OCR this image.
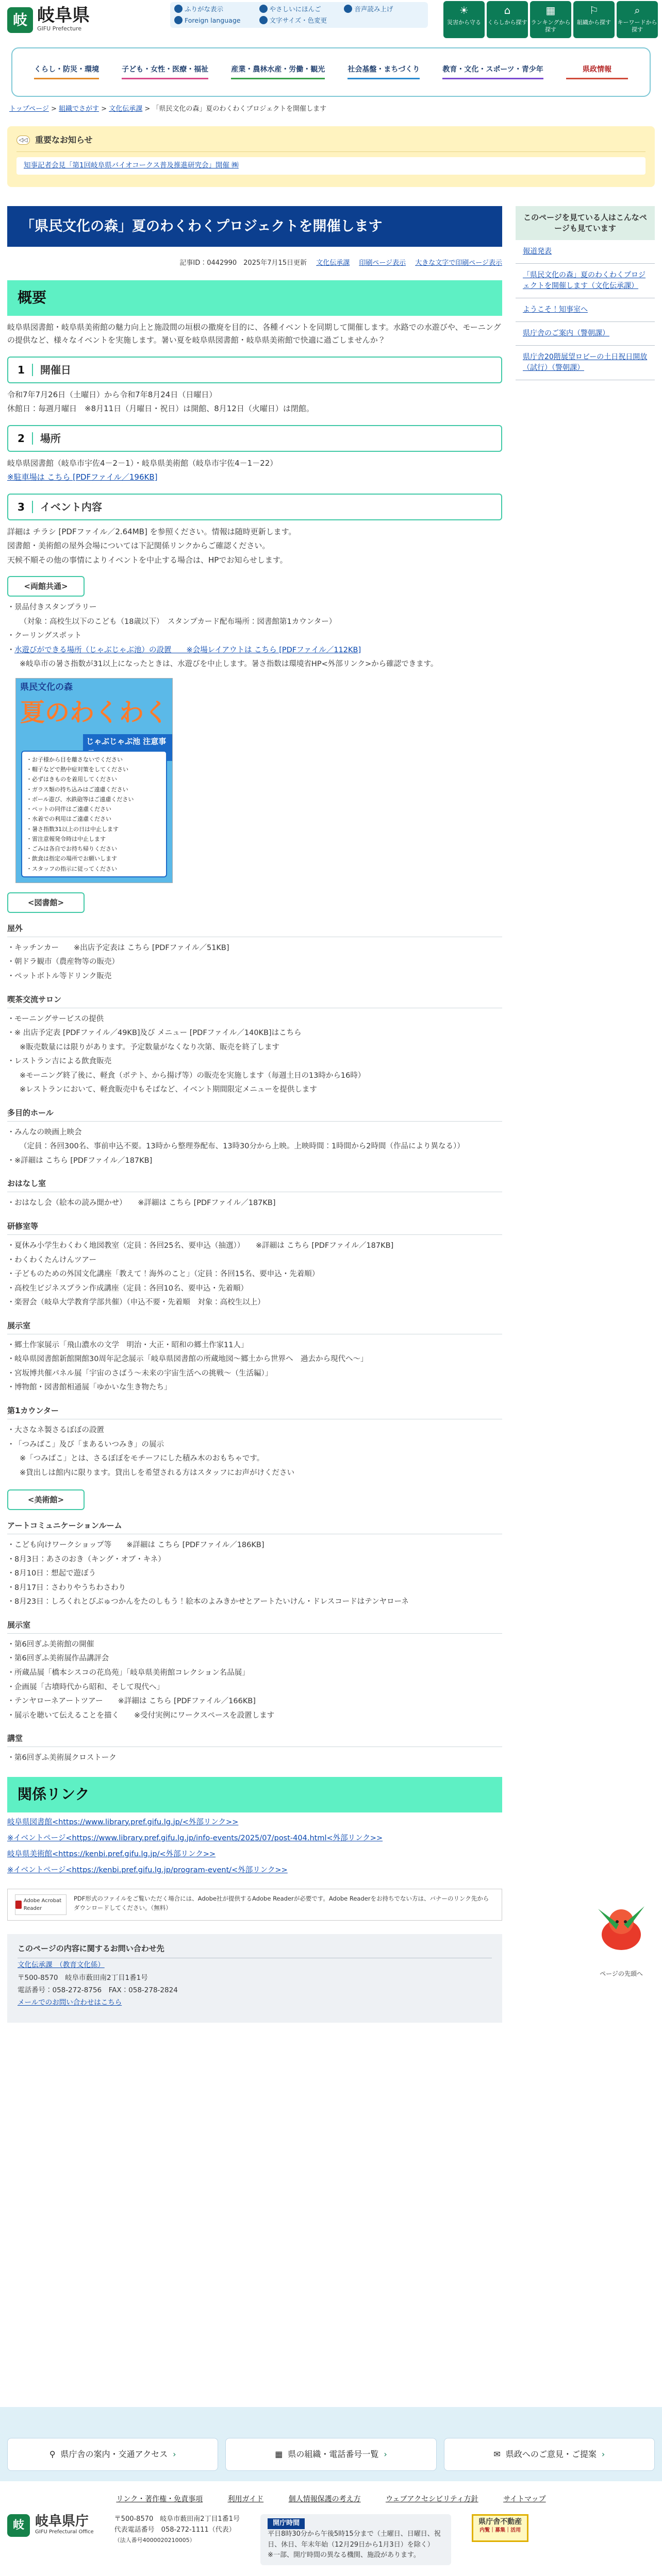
岐 岐阜県
GIFU Prefecture
ふりがな表示	やさしいにほんご	音声読み上げ
Foreign language	文字サイズ・色変更
☀
災害から守る
⌂
くらしから探す
▦
ランキングから探す
⚐
組織から探す
⌕
キーワードから探す
くらし・防災・環境	子ども・女性・医療・福祉	産業・農林水産・労働・観光	社会基盤・まちづくり	教育・文化・スポーツ・青少年	県政情報
トップページ > 組織でさがす > 文化伝承課 > 「県民文化の森」夏のわくわくプロジェクトを開催します
◁◁ 重要なお知らせ
知事記者会見「第1回岐阜県バイオコークス普及推進研究会」開催 ㈱
「県民文化の森」夏のわくわくプロジェクトを開催します
記事ID：0442990　2025年7月15日更新 文化伝承課 印刷ページ表示 大きな文字で印刷ページ表示
概要

岐阜県図書館・岐阜県美術館の魅力向上と施設間の垣根の撤廃を目的に、各種イベントを同期して開催します。水路での水遊びや、モーニングの提供など、様々なイベントを実施します。暑い夏を岐阜県図書館・岐阜県美術館で快適に過ごしませんか？

1 開催日

令和7年7月26日（土曜日）から令和7年8月24日（日曜日）

休館日：毎週月曜日　※8月11日（月曜日・祝日）は開館、8月12日（火曜日）は閉館。

2 場所

岐阜県図書館（岐阜市宇佐4－2－1）・岐阜県美術館（岐阜市宇佐4－1－22）

※駐車場は こちら [PDFファイル／196KB]

3 イベント内容

詳細は チラシ [PDFファイル／2.64MB] を参照ください。情報は随時更新します。

図書館・美術館の屋外会場については下記関係リンクからご確認ください。

天候不順その他の事情によりイベントを中止する場合は、HPでお知らせします。

<両館共通>
・ 景品付きスタンプラリー
（対象：高校生以下のこども（18歳以下）　スタンプカード配布場所：図書館第1カウンター）
・ クーリングスポット
・ 水遊びができる場所（じゃぶじゃぶ池）の設置　　※会場レイアウトは こちら [PDFファイル／112KB]
※岐阜市の暑さ指数が31以上になったときは、水遊びを中止します。暑さ指数は環境省HP<外部リンク>から確認できます。
県民文化の森
夏のわくわく
じゃぶじゃぶ池 注意事
・お子様から目を離さないでください
・帽子などで熱中症対策をしてください
・必ずはきものを着用してください
・ガラス類の持ち込みはご遠慮ください
・ボール遊び、水鉄砲等はご遠慮ください
・ペットの同伴はご遠慮ください
・水着での利用はご遠慮ください
・暑さ指数31以上の日は中止します
・雷注意報発令時は中止します
・ごみは各自でお持ち帰りください
・飲食は指定の場所でお願いします
・スタッフの指示に従ってください
<図書館>
屋外
・ キッチンカー　　※出店予定表は こちら [PDFファイル／51KB]
・ 朝ドラ観市（農産物等の販売）
・ ペットボトル等ドリンク販売
喫茶交流サロン
・ モーニングサービスの提供
・ ※ 出店予定表 [PDFファイル／49KB]及び メニュー [PDFファイル／140KB]はこちら
※販売数量には限りがあります。予定数量がなくなり次第、販売を終了します
・ レストラン吉による飲食販売
※モーニング終了後に、軽食（ポテト、から揚げ等）の販売を実施します（毎週土日の13時から16時）
※レストランにおいて、軽食販売中もそばなど、イベント期間限定メニューを提供します
多目的ホール
・ みんなの映画上映会
（定員：各回300名、事前申込不要。13時から整理券配布、13時30分から上映。上映時間：1時間から2時間（作品により異なる））
・ ※詳細は こちら [PDFファイル／187KB]
おはなし室
・ おはなし会（絵本の読み聞かせ）　　※詳細は こちら [PDFファイル／187KB]
研修室等
・ 夏休み小学生わくわく地図教室（定員：各回25名、要申込（抽選））　　※詳細は こちら [PDFファイル／187KB]
・ わくわくたんけんツアー
・ 子どものための外国文化講座「教えて！海外のこと」（定員：各回15名、要申込・先着順）
・ 高校生ビジネスプラン作成講座（定員：各回10名、要申込・先着順）
・ 楽習会（岐阜大学教育学部共催）（申込不要・先着順　対象：高校生以上）
展示室
・ 郷土作家展示「飛山濃水の文学　明治・大正・昭和の郷土作家11人」
・ 岐阜県図書館新館開館30周年記念展示「岐阜県図書館の所蔵地図～郷土から世界へ　過去から現代へ～」
・ 宮坂博共催パネル展「宇宙のさばう～未来の宇宙生活への挑戦～（生活編）」
・ 博物館・図書館相通展「ゆかいな生き物たち」
第1カウンター
・ 大さなネ製さるぼぼの設置
・ 「つみばこ」及び「まあるいつみき」の展示
※「つみばこ」とは、さるぼぼをモチーフにした積み木のおもちゃです。
※貸出しは館内に限ります。貸出しを希望される方はスタッフにお声がけください
<美術館>
アートコミュニケーションルーム
・ こども向けワークショップ等　　※詳細は こちら [PDFファイル／186KB]
・ 8月3日：あさのおき（キング・オブ・キネ）
・ 8月10日：想起で遊ぼう
・ 8月17日：さわりやうちわさわり
・ 8月23日：しろくれとびぶゅつかんをたのしもう！絵本のよみきかせとアートたいけん・ドレスコードはテンヤローネ
展示室
・ 第6回ぎふ美術館の開催
・ 第6回ぎふ美術展作品講評会
・ 所蔵品展「橋本シスコの花鳥苑」「岐阜県美術館コレクション名品展」
・ 企画展「古墳時代から昭和、そして現代へ」
・ テンヤローネアートツアー　　※詳細は こちら [PDFファイル／166KB]
・ 展示を聴いて伝えることを描く　　※受付実例にワークスペースを設置します
講堂
・ 第6回ぎふ美術展クロストーク
関係リンク

岐阜県図書館<https://www.library.pref.gifu.lg.jp/<外部リンク>>

※イベントページ<https://www.library.pref.gifu.lg.jp/info-events/2025/07/post-404.html<外部リンク>>

岐阜県美術館<https://kenbi.pref.gifu.lg.jp/<外部リンク>>

※イベントページ<https://kenbi.pref.gifu.lg.jp/program-event/<外部リンク>>

Adobe Acrobat Reader
PDF形式のファイルをご覧いただく場合には、Adobe社が提供するAdobe Readerが必要です。Adobe Readerをお持ちでない方は、バナーのリンク先からダウンロードしてください。（無料）
このページの内容に関するお問い合わせ先

文化伝承課　（教育文化係）

〒500-8570　岐阜市薮田南2丁目1番1号

電話番号：058-272-8756　FAX：058-278-2824

メールでのお問い合わせはこちら

このページを見ている人はこんなページも見ています
報道発表
「県民文化の森」夏のわくわくプロジェクトを開催します（文化伝承課）
ようこそ！知事室へ
県庁舎のご案内（警朝課）
県庁舎20階展望ロビーの土日祝日開放（試行）（警朝課）
ページの先頭へ
⚲ 県庁舎の案内・交通アクセス ›	▦ 県の組織・電話番号一覧 ›	✉ 県政へのご意見・ご提案 ›
リンク・著作権・免責事項	利用ガイド	個人情報保護の考え方	ウェブアクセシビリティ方針	サイトマップ
岐 岐阜県庁
GIFU Prefectural Office
〒500-8570　岐阜市薮田南2丁目1番1号
代表電話番号　058-272-1111（代表）
（法人番号4000020210005）
開庁時間
平日8時30分から午後5時15分まで（土曜日、日曜日、祝日、休日、年末年始（12月29日から1月3日）を除く）
※一部、開庁時間の異なる機関、施設があります。
県庁舎不動産
内覧｜募集｜活用
